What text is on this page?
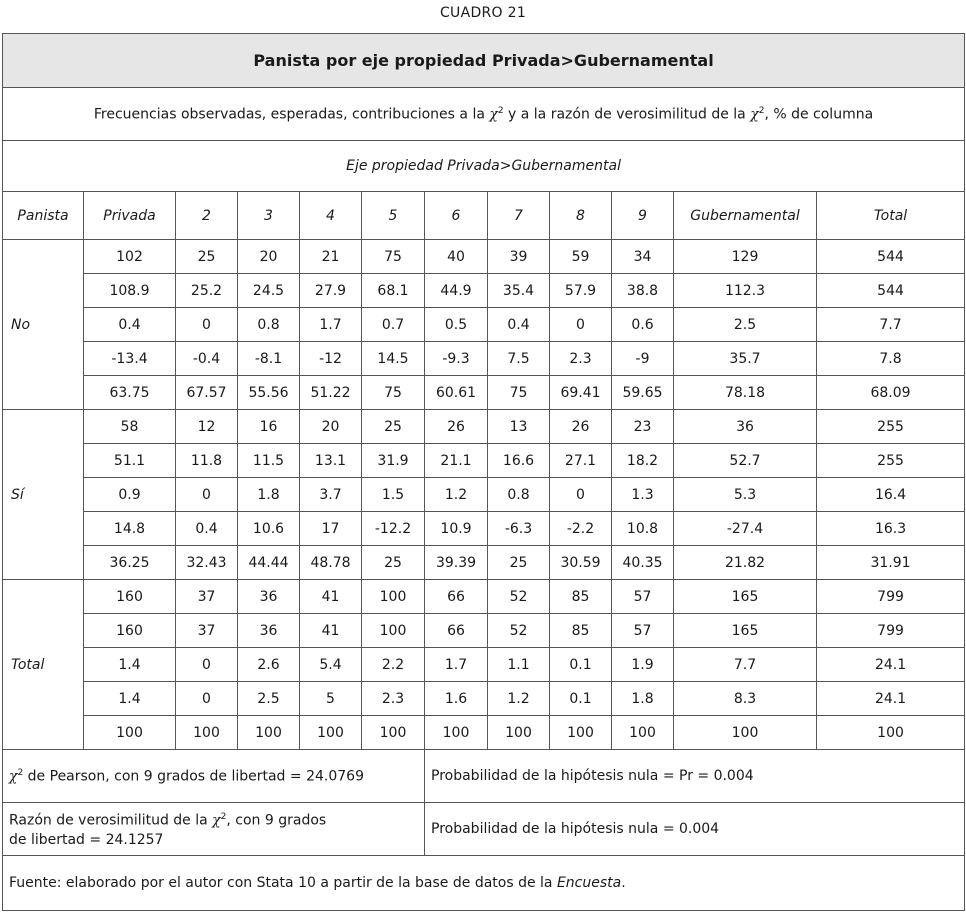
CUADRO 21
Panista por eje propiedad Privada>Gubernamental											
Frecuencias observadas, esperadas, contribuciones a la $\chi^2$ y a la razón de verosimilitud de la $\chi^2$, % de columna											
Eje propiedad Privada>Gubernamental											
Panista	Privada	2	3	4	5	6	7	8	9	Gubernamental	Total
No	102	25	20	21	75	40	39	59	34	129	544
	108.9	25.2	24.5	27.9	68.1	44.9	35.4	57.9	38.8	112.3	544
	0.4	0	0.8	1.7	0.7	0.5	0.4	0	0.6	2.5	7.7
	-13.4	-0.4	-8.1	-12	14.5	-9.3	7.5	2.3	-9	35.7	7.8
	63.75	67.57	55.56	51.22	75	60.61	75	69.41	59.65	78.18	68.09
Sí	58	12	16	20	25	26	13	26	23	36	255
	51.1	11.8	11.5	13.1	31.9	21.1	16.6	27.1	18.2	52.7	255
	0.9	0	1.8	3.7	1.5	1.2	0.8	0	1.3	5.3	16.4
	14.8	0.4	10.6	17	-12.2	10.9	-6.3	-2.2	10.8	-27.4	16.3
	36.25	32.43	44.44	48.78	25	39.39	25	30.59	40.35	21.82	31.91
Total	160	37	36	41	100	66	52	85	57	165	799
	160	37	36	41	100	66	52	85	57	165	799
	1.4	0	2.6	5.4	2.2	1.7	1.1	0.1	1.9	7.7	24.1
	1.4	0	2.5	5	2.3	1.6	1.2	0.1	1.8	8.3	24.1
	100	100	100	100	100	100	100	100	100	100	100
$\chi^2$ de Pearson, con 9 grados de libertad = 24.0769						Probabilidad de la hipótesis nula = Pr = 0.004					
Razón de verosimilitud de la $\chi^2$, con 9 grados
de libertad = 24.1257						Probabilidad de la hipótesis nula = 0.004					
Fuente: elaborado por el autor con Stata 10 a partir de la base de datos de la Encuesta.											
